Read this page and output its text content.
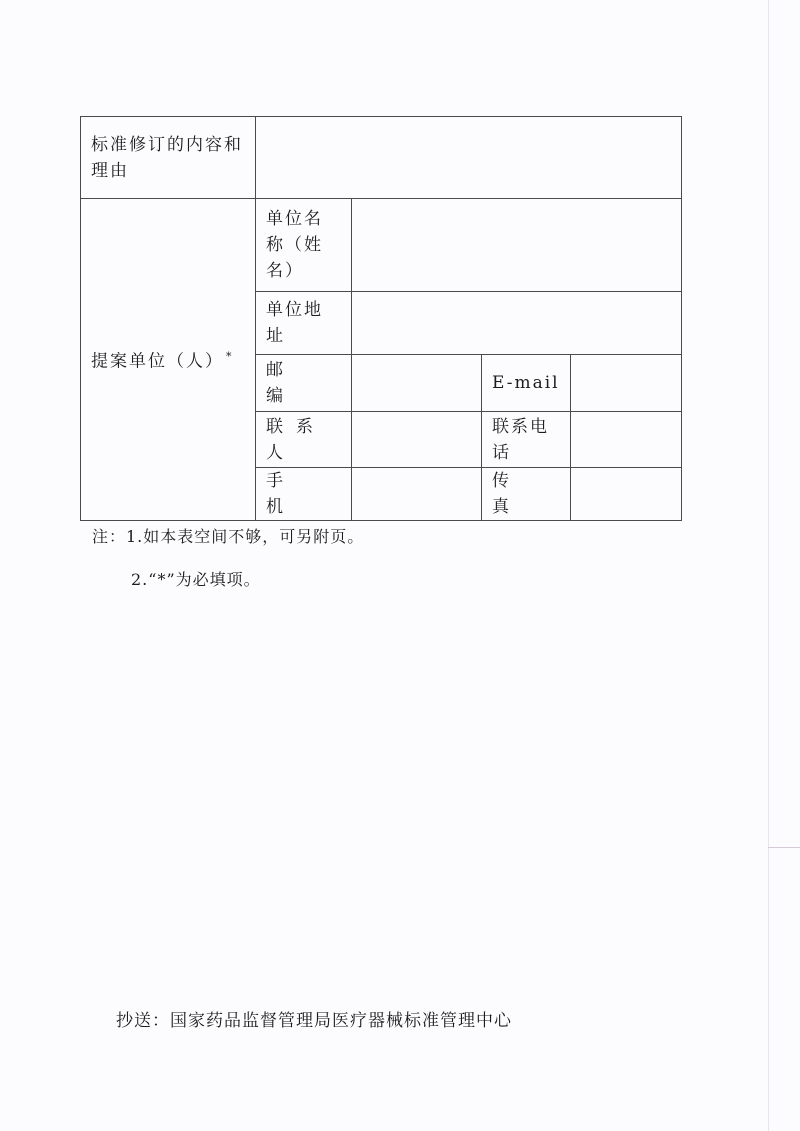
标准修订的内容和理由				
提案单位（人） *	单位名称（姓名）			
	单位地址			

	邮编		E-mail	
	联系人		联系电话	
	手机		传真	
注：1.如本表空间不够，可另附页。
2.“*”为必填项。
抄送：国家药品监督管理局医疗器械标准管理中心
